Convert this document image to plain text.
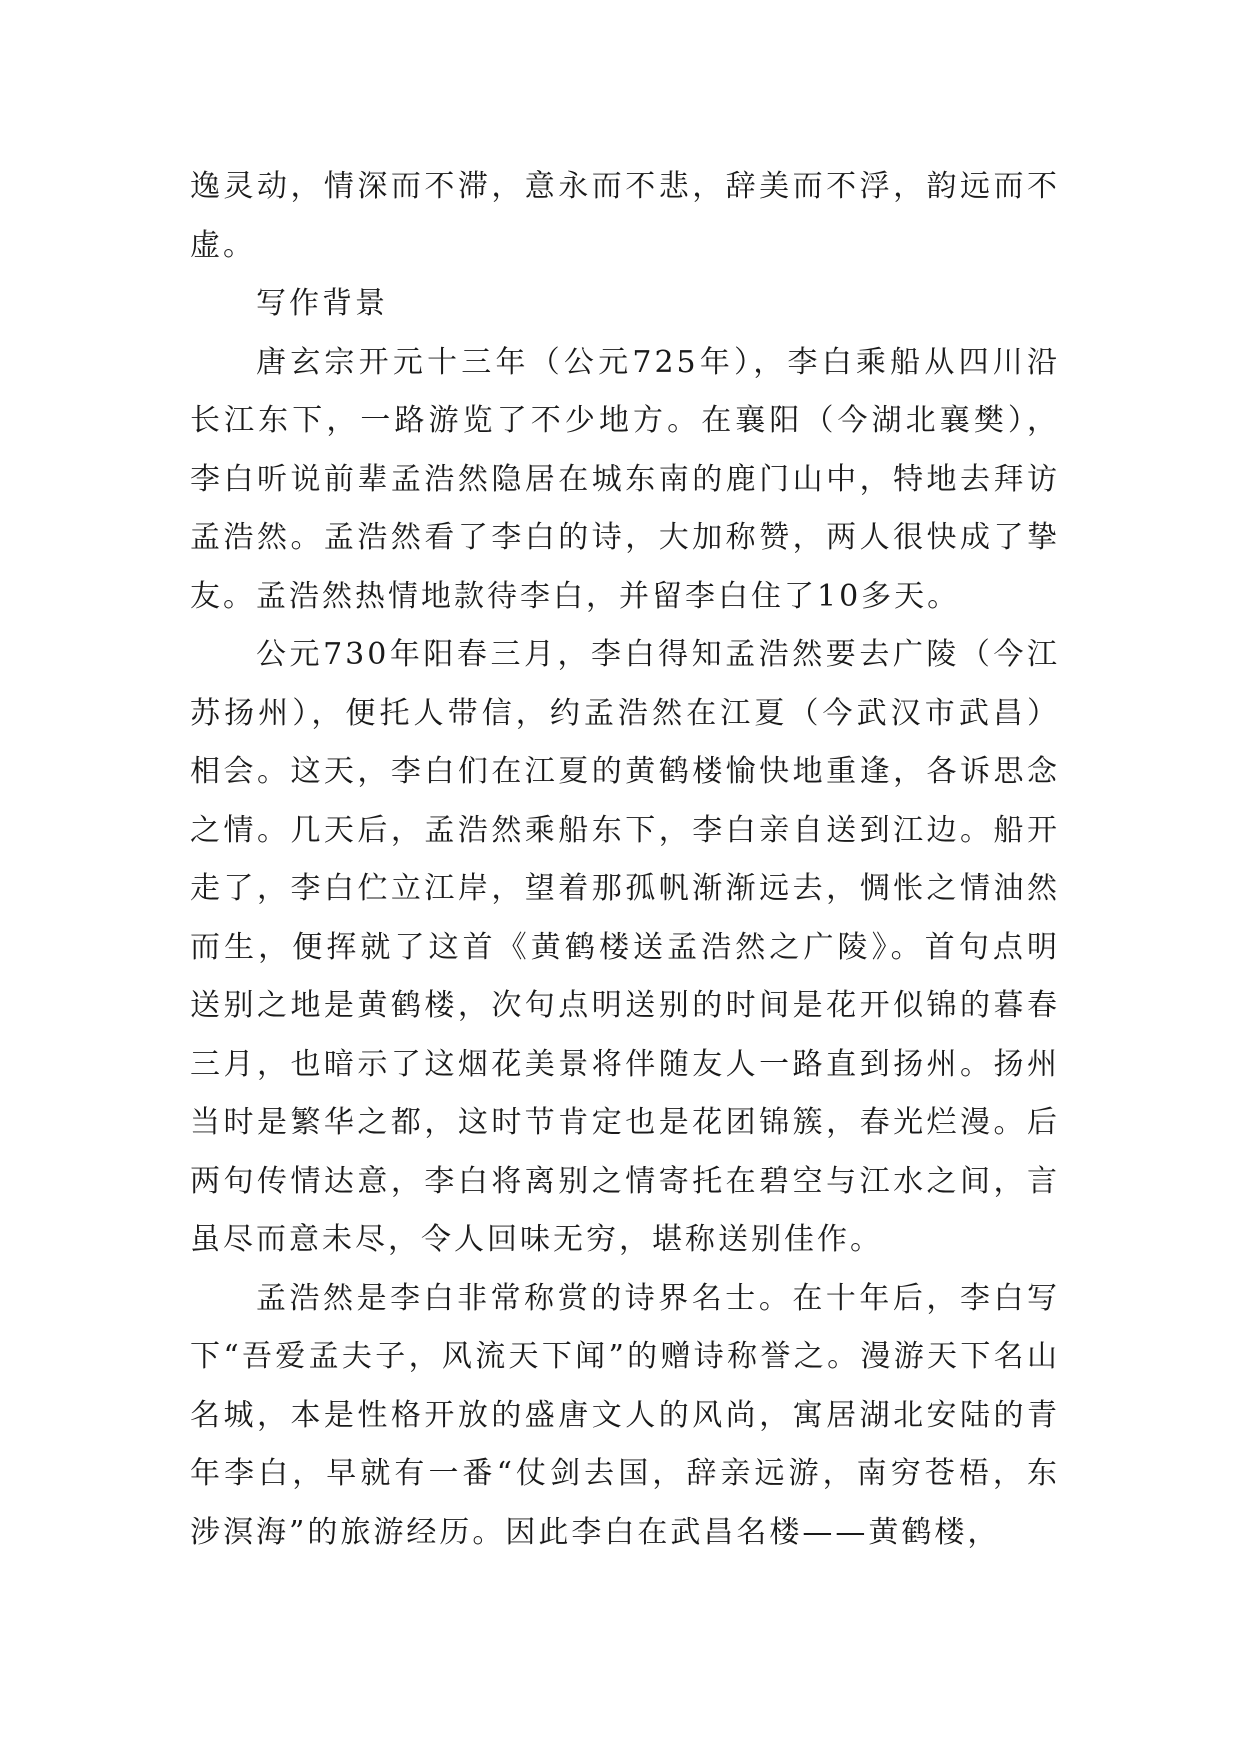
逸灵动，情深而不滞，意永而不悲，辞美而不浮，韵远而不虚。

写作背景

唐玄宗开元十三年（公元725年），李白乘船从四川沿长江东下，一路游览了不少地方。在襄阳（今湖北襄樊），李白听说前辈孟浩然隐居在城东南的鹿门山中，特地去拜访孟浩然。孟浩然看了李白的诗，大加称赞，两人很快成了挚友。孟浩然热情地款待李白，并留李白住了10多天。

公元730年阳春三月，李白得知孟浩然要去广陵（今江苏扬州），便托人带信，约孟浩然在江夏（今武汉市武昌）相会。这天，李白们在江夏的黄鹤楼愉快地重逢，各诉思念之情。几天后，孟浩然乘船东下，李白亲自送到江边。船开走了，李白伫立江岸，望着那孤帆渐渐远去，惆怅之情油然而生，便挥就了这首《黄鹤楼送孟浩然之广陵》。首句点明送别之地是黄鹤楼，次句点明送别的时间是花开似锦的暮春三月，也暗示了这烟花美景将伴随友人一路直到扬州。扬州当时是繁华之都，这时节肯定也是花团锦簇，春光烂漫。后两句传情达意，李白将离别之情寄托在碧空与江水之间，言虽尽而意未尽，令人回味无穷，堪称送别佳作。

孟浩然是李白非常称赏的诗界名士。在十年后，李白写下“吾爱孟夫子，风流天下闻”的赠诗称誉之。漫游天下名山名城，本是性格开放的盛唐文人的风尚，寓居湖北安陆的青年李白，早就有一番“仗剑去国，辞亲远游，南穷苍梧，东涉溟海”的旅游经历。因此李白在武昌名楼——黄鹤楼，
